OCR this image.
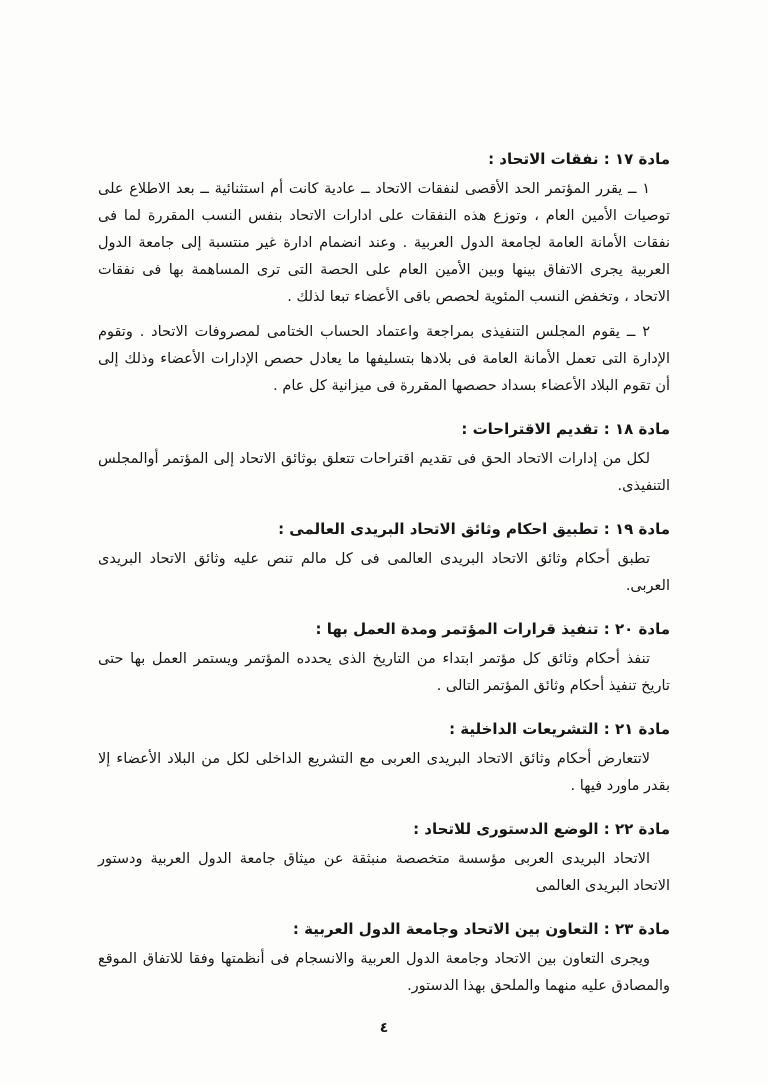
مادة ١٧ : نفقات الاتحاد :

١ ــ يقرر المؤتمر الحد الأقصى لنفقات الاتحاد ــ عادية كانت أم استثنائية ــ بعد الاطلاع على توصيات الأمين العام ، وتوزع هذه النفقات على ادارات الاتحاد بنفس النسب المقررة لما فى نفقات الأمانة العامة لجامعة الدول العربية . وعند انضمام ادارة غير منتسبة إلى جامعة الدول العربية يجرى الاتفاق بينها وبين الأمين العام على الحصة التى ترى المساهمة بها فى نفقات الاتحاد ، وتخفض النسب المئوية لحصص باقى الأعضاء تبعا لذلك .

٢ ــ يقوم المجلس التنفيذى بمراجعة واعتماد الحساب الختامى لمصروفات الاتحاد . وتقوم الإدارة التى تعمل الأمانة العامة فى بلادها بتسليفها ما يعادل حصص الإدارات الأعضاء وذلك إلى أن تقوم البلاد الأعضاء بسداد حصصها المقررة فى ميزانية كل عام .

مادة ١٨ : تقديم الاقتراحات :

لكل من إدارات الاتحاد الحق فى تقديم اقتراحات تتعلق بوثائق الاتحاد إلى المؤتمر أوالمجلس التنفيذى.

مادة ١٩ : تطبيق احكام وثائق الاتحاد البريدى العالمى :

تطبق أحكام وثائق الاتحاد البريدى العالمى فى كل مالم تنص عليه وثائق الاتحاد البريدى العربى.

مادة ٢٠ : تنفيذ قرارات المؤتمر ومدة العمل بها :

تنفذ أحكام وثائق كل مؤتمر ابتداء من التاريخ الذى يحدده المؤتمر ويستمر العمل بها حتى تاريخ تنفيذ أحكام وثائق المؤتمر التالى .

مادة ٢١ : التشريعات الداخلية :

لاتتعارض أحكام وثائق الاتحاد البريدى العربى مع التشريع الداخلى لكل من البلاد الأعضاء إلا بقدر ماورد فيها .

مادة ٢٢ : الوضع الدستورى للاتحاد :

الاتحاد البريدى العربى مؤسسة متخصصة منبثقة عن ميثاق جامعة الدول العربية ودستور الاتحاد البريدى العالمى

مادة ٢٣ : التعاون بين الاتحاد وجامعة الدول العربية :

ويجرى التعاون بين الاتحاد وجامعة الدول العربية والانسجام فى أنظمتها وفقا للاتفاق الموقع والمصادق عليه منهما والملحق بهذا الدستور.

٤
